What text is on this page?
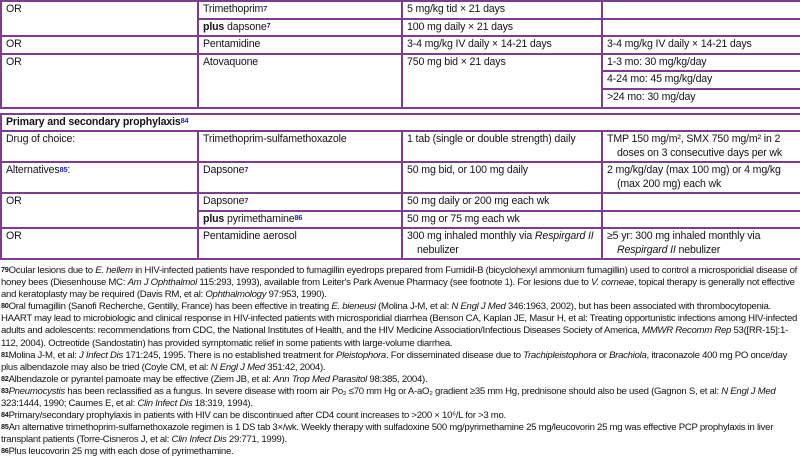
OR	Trimethoprim$^7$	5 mg/kg tid × 21 days	
	plus dapsone$^7$	100 mg daily × 21 days	
OR	Pentamidine	3-4 mg/kg IV daily × 14-21 days	3-4 mg/kg IV daily × 14-21 days
OR	Atovaquone	750 mg bid × 21 days	1-3 mo: 30 mg/kg/day
			4-24 mo: 45 mg/kg/day
			>24 mo: 30 mg/day
Primary and secondary prophylaxis$^{84}$
Drug of choice:	Trimethoprim-sulfamethoxazole	1 tab (single or double strength) daily	TMP 150 mg/m², SMX 750 mg/m² in 2 doses on 3 consecutive days per wk
Alternatives$^{85}$:	Dapsone$^7$	50 mg bid, or 100 mg daily	2 mg/kg/day (max 100 mg) or 4 mg/kg (max 200 mg) each wk
OR	Dapsone$^7$	50 mg daily or 200 mg each wk	
	plus pyrimethamine$^{86}$	50 mg or 75 mg each wk	
OR	Pentamidine aerosol	300 mg inhaled monthly via Respirgard II nebulizer	≥5 yr: 300 mg inhaled monthly via Respirgard II nebulizer

$^{79}$Ocular lesions due to E. hellem in HIV-infected patients have responded to fumagillin eyedrops prepared from Fumidil-B (bicyclohexyl ammonium fumagillin) used to control a microsporidial disease of honey bees (Diesenhouse MC: Am J Ophthalmol 115:293, 1993), available from Leiter's Park Avenue Pharmacy (see footnote 1). For lesions due to V. corneae, topical therapy is generally not effective and keratoplasty may be required (Davis RM, et al: Ophthalmology 97:953, 1990).

$^{80}$Oral fumagillin (Sanofi Recherche, Gentilly, France) has been effective in treating E. bieneusi (Molina J-M, et al: N Engl J Med 346:1963, 2002), but has been associated with thrombocytopenia. HAART may lead to microbiologic and clinical response in HIV-infected patients with microsporidial diarrhea (Benson CA, Kaplan JE, Masur H, et al: Treating opportunistic infections among HIV-infected adults and adolescents: recommendations from CDC, the National Institutes of Health, and the HIV Medicine Association/Infectious Diseases Society of America, MMWR Recomm Rep 53([RR-15]:1-112, 2004). Octreotide (Sandostatin) has provided symptomatic relief in some patients with large-volume diarrhea.

$^{81}$Molina J-M, et al: J Infect Dis 171:245, 1995. There is no established treatment for Pleistophora. For disseminated disease due to Trachipleistophora or Brachiola, itraconazole 400 mg PO once/day plus albendazole may also be tried (Coyle CM, et al: N Engl J Med 351:42, 2004).

$^{82}$Albendazole or pyrantel pamoate may be effective (Ziem JB, et al: Ann Trop Med Parasitol 98:385, 2004).

$^{83}$Pneumocystis has been reclassified as a fungus. In severe disease with room air Po₂ ≤70 mm Hg or A-aO₂ gradient ≥35 mm Hg, prednisone should also be used (Gagnon S, et al: N Engl J Med 323:1444, 1990; Caumes E, et al: Clin Infect Dis 18:319, 1994).

$^{84}$Primary/secondary prophylaxis in patients with HIV can be discontinued after CD4 count increases to >200 × 10⁶/L for >3 mo.

$^{85}$An alternative trimethoprim-sulfamethoxazole regimen is 1 DS tab 3×/wk. Weekly therapy with sulfadoxine 500 mg/pyrimethamine 25 mg/leucovorin 25 mg was effective PCP prophylaxis in liver transplant patients (Torre-Cisneros J, et al: Clin Infect Dis 29:771, 1999).

$^{86}$Plus leucovorin 25 mg with each dose of pyrimethamine.
